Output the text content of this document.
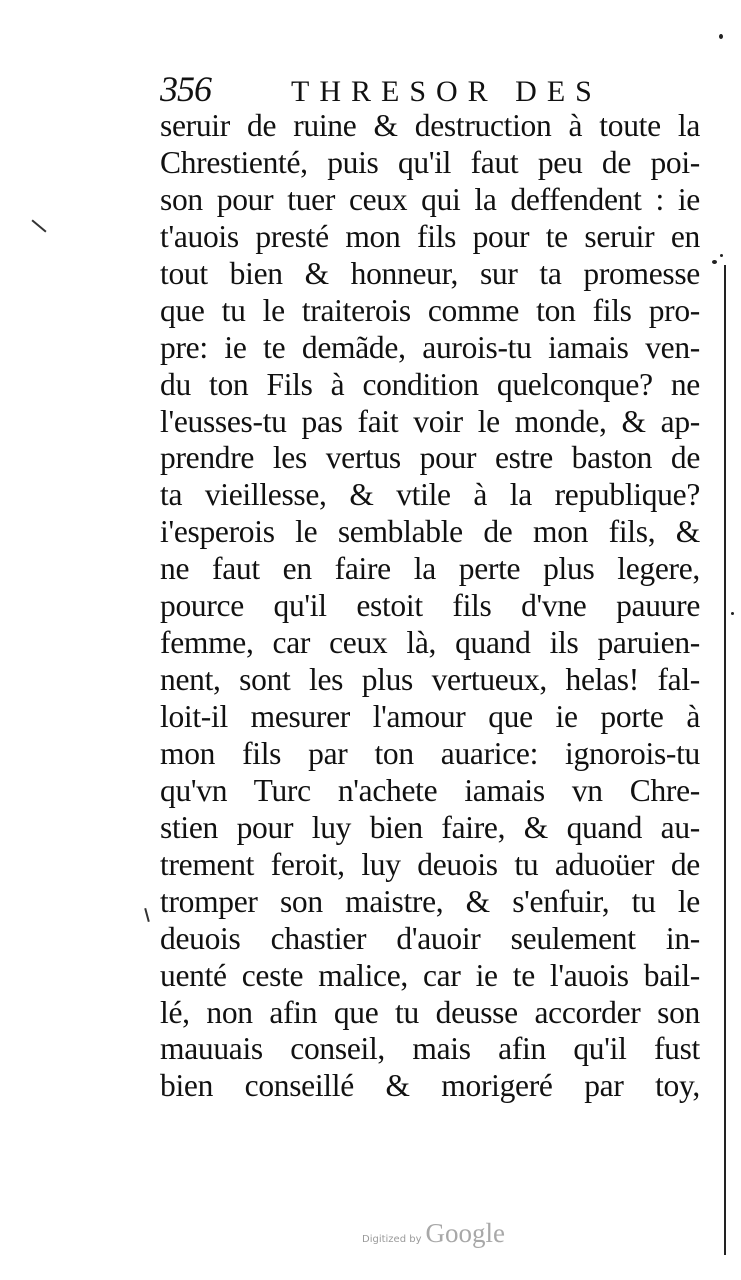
356	THRESOR DES
seruir de ruine & destruction à toute la
Chrestienté, puis qu'il faut peu de poi-
son pour tuer ceux qui la deffendent : ie
t'auois presté mon fils pour te seruir en
tout bien & honneur, sur ta promesse
que tu le traiterois comme ton fils pro-
pre: ie te demãde, aurois-tu iamais ven-
du ton Fils à condition quelconque? ne
l'eusses-tu pas fait voir le monde, & ap-
prendre les vertus pour estre baston de
ta vieillesse, & vtile à la republique?
i'esperois le semblable de mon fils, &
ne faut en faire la perte plus legere,
pource qu'il estoit fils d'vne pauure
femme, car ceux là, quand ils paruien-
nent, sont les plus vertueux, helas! fal-
loit-il mesurer l'amour que ie porte à
mon fils par ton auarice: ignorois-tu
qu'vn Turc n'achete iamais vn Chre-
stien pour luy bien faire, & quand au-
trement feroit, luy deuois tu aduoüer de
tromper son maistre, & s'enfuir, tu le
deuois chastier d'auoir seulement in-
uenté ceste malice, car ie te l'auois bail-
lé, non afin que tu deusse accorder son
mauuais conseil, mais afin qu'il fust
bien conseillé & morigeré par toy,
Digitized by Google
